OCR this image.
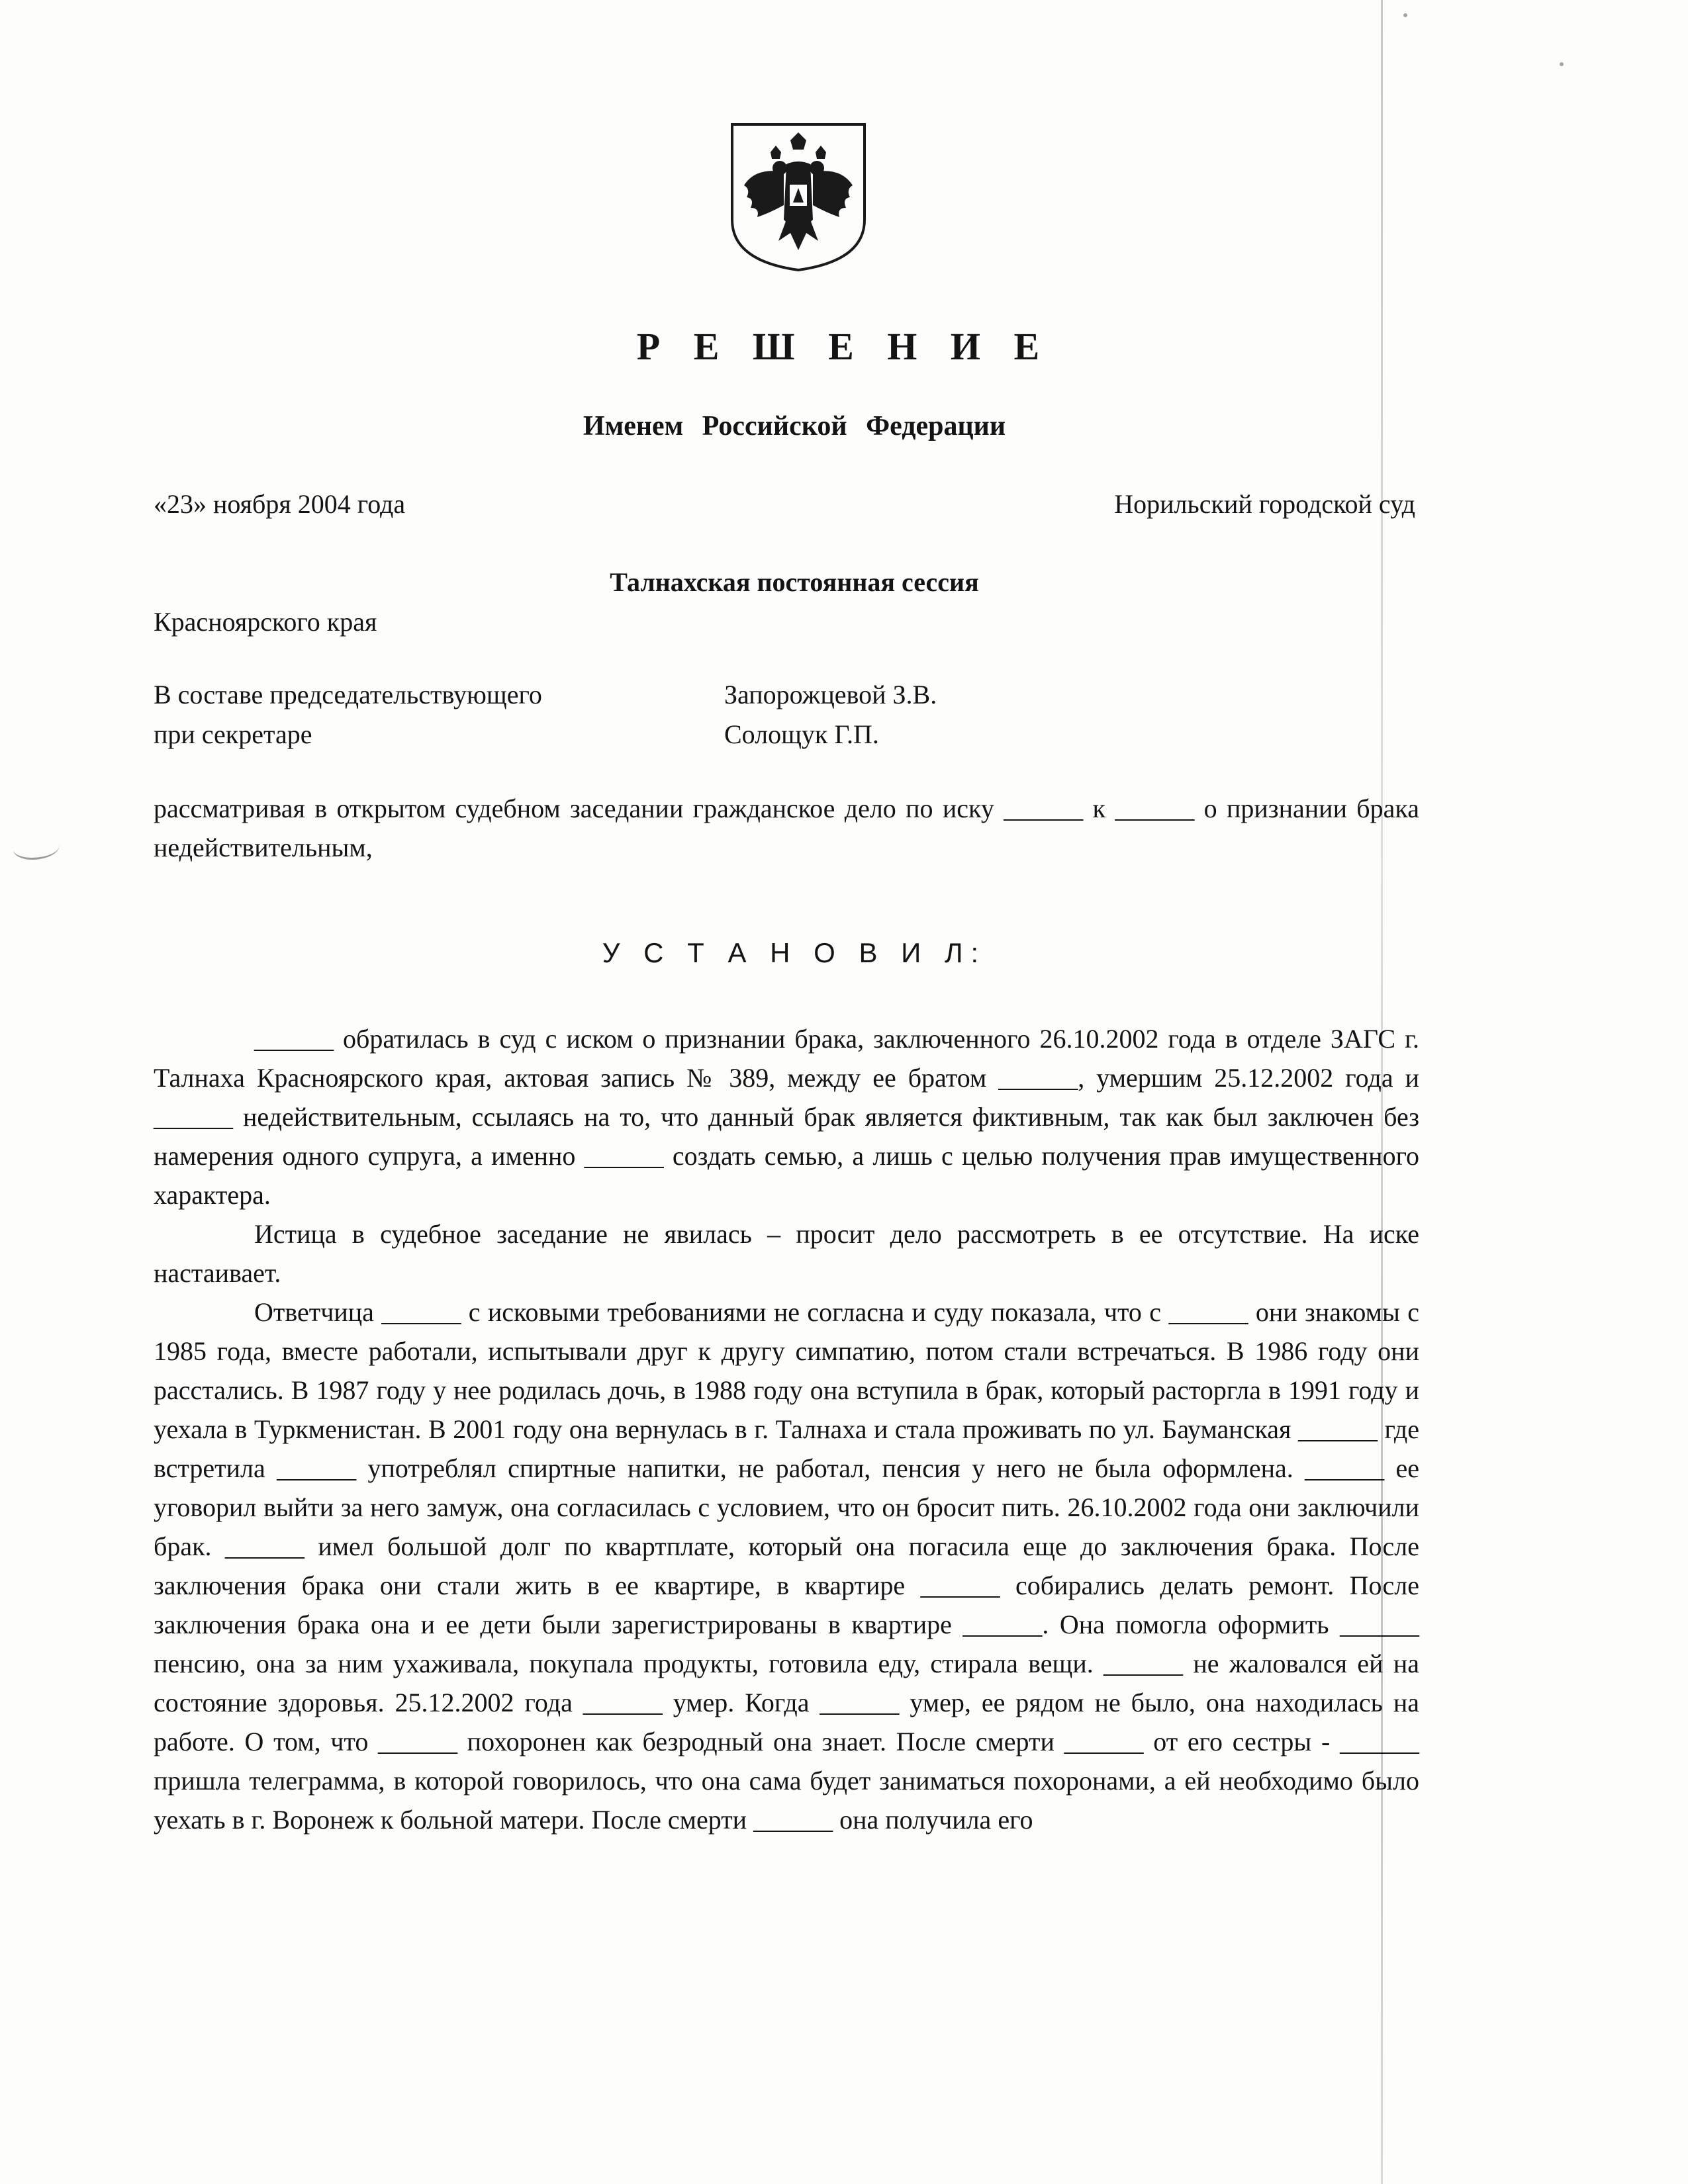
Р Е Ш Е Н И Е
Именем Российской Федерации
«23» ноября 2004 года	Норильский городской суд
Талнахская постоянная сессия
Красноярского края
В составе председательствующего	Запорожцевой З.В.
при секретаре	Солощук Г.П.
рассматривая в открытом судебном заседании гражданское дело по иску ______ к ______ о признании брака недействительным,
У С Т А Н О В И Л:

______ обратилась в суд с иском о признании брака, заключенного 26.10.2002 года в отделе ЗАГС г. Талнаха Красноярского края, актовая запись № 389, между ее братом ______, умершим 25.12.2002 года и ______ недействительным, ссылаясь на то, что данный брак является фиктивным, так как был заключен без намерения одного супруга, а именно ______ создать семью, а лишь с целью получения прав имущественного характера.

Истица в судебное заседание не явилась – просит дело рассмотреть в ее отсутствие. На иске настаивает.

Ответчица ______ с исковыми требованиями не согласна и суду показала, что с ______ они знакомы с 1985 года, вместе работали, испытывали друг к другу симпатию, потом стали встречаться. В 1986 году они расстались. В 1987 году у нее родилась дочь, в 1988 году она вступила в брак, который расторгла в 1991 году и уехала в Туркменистан. В 2001 году она вернулась в г. Талнаха и стала проживать по ул. Бауманская ______ где встретила ______ употреблял спиртные напитки, не работал, пенсия у него не была оформлена. ______ ее уговорил выйти за него замуж, она согласилась с условием, что он бросит пить. 26.10.2002 года они заключили брак. ______ имел большой долг по квартплате, который она погасила еще до заключения брака. После заключения брака они стали жить в ее квартире, в квартире ______ собирались делать ремонт. После заключения брака она и ее дети были зарегистрированы в квартире ______. Она помогла оформить ______ пенсию, она за ним ухаживала, покупала продукты, готовила еду, стирала вещи. ______ не жаловался ей на состояние здоровья. 25.12.2002 года ______ умер. Когда ______ умер, ее рядом не было, она находилась на работе. О том, что ______ похоронен как безродный она знает. После смерти ______ от его сестры - ______ пришла телеграмма, в которой говорилось, что она сама будет заниматься похоронами, а ей необходимо было уехать в г. Воронеж к больной матери. После смерти ______ она получила его
